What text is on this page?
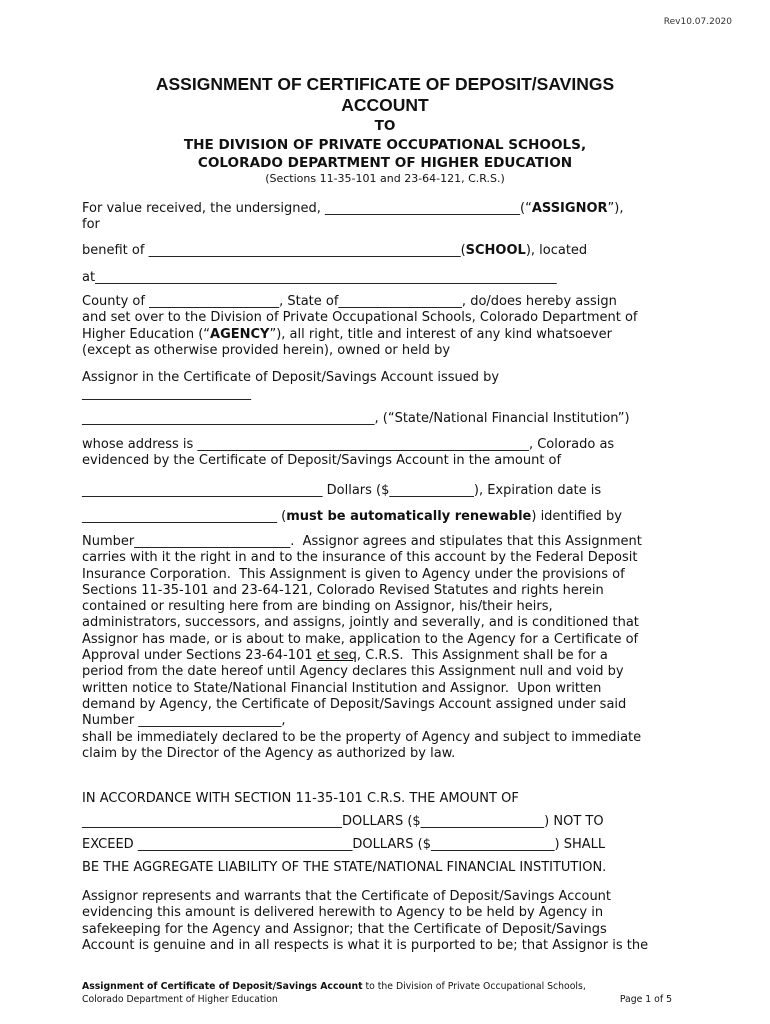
Rev10.07.2020
ASSIGNMENT OF CERTIFICATE OF DEPOSIT/SAVINGS
ACCOUNT
TO
THE DIVISION OF PRIVATE OCCUPATIONAL SCHOOLS,
COLORADO DEPARTMENT OF HIGHER EDUCATION
(Sections 11-35-101 and 23-64-121, C.R.S.)
For value received, the undersigned, ______________________________(“ASSIGNOR”),
for
benefit of ________________________________________________(SCHOOL), located
at_______________________________________________________________________
County of ____________________, State of___________________, do/does hereby assign
and set over to the Division of Private Occupational Schools, Colorado Department of
Higher Education (“AGENCY”), all right, title and interest of any kind whatsoever
(except as otherwise provided herein), owned or held by
Assignor in the Certificate of Deposit/Savings Account issued by
__________________________
_____________________________________________, (“State/National Financial Institution”)
whose address is ___________________________________________________, Colorado as
evidenced by the Certificate of Deposit/Savings Account in the amount of
_____________________________________ Dollars ($_____________), Expiration date is
______________________________ (must be automatically renewable) identified by
Number________________________.  Assignor agrees and stipulates that this Assignment
carries with it the right in and to the insurance of this account by the Federal Deposit
Insurance Corporation.  This Assignment is given to Agency under the provisions of
Sections 11-35-101 and 23-64-121, Colorado Revised Statutes and rights herein
contained or resulting here from are binding on Assignor, his/their heirs,
administrators, successors, and assigns, jointly and severally, and is conditioned that
Assignor has made, or is about to make, application to the Agency for a Certificate of
Approval under Sections 23-64-101 et seq, C.R.S.  This Assignment shall be for a
period from the date hereof until Agency declares this Assignment null and void by
written notice to State/National Financial Institution and Assignor.  Upon written
demand by Agency, the Certificate of Deposit/Savings Account assigned under said
Number ______________________,
shall be immediately declared to be the property of Agency and subject to immediate
claim by the Director of the Agency as authorized by law.
IN ACCORDANCE WITH SECTION 11-35-101 C.R.S. THE AMOUNT OF
________________________________________DOLLARS ($___________________) NOT TO
EXCEED _________________________________DOLLARS ($___________________) SHALL
BE THE AGGREGATE LIABILITY OF THE STATE/NATIONAL FINANCIAL INSTITUTION.
Assignor represents and warrants that the Certificate of Deposit/Savings Account
evidencing this amount is delivered herewith to Agency to be held by Agency in
safekeeping for the Agency and Assignor; that the Certificate of Deposit/Savings
Account is genuine and in all respects is what it is purported to be; that Assignor is the
Assignment of Certificate of Deposit/Savings Account to the Division of Private Occupational Schools,
Colorado Department of Higher Education	Page 1 of 5
